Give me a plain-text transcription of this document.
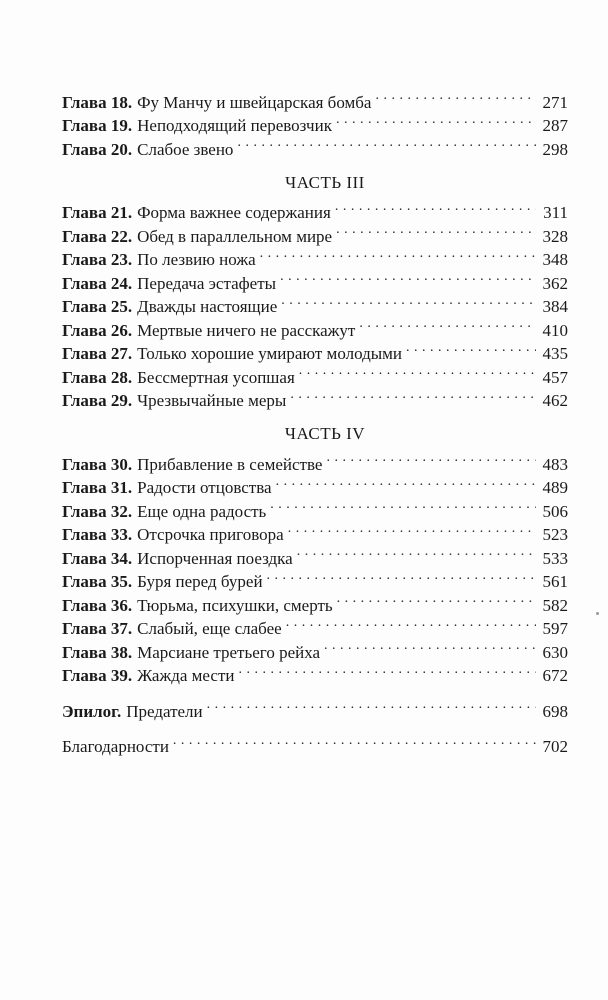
Глава 18. Фу Манчу и швейцарская бомба . . .	271
Глава 19. Неподходящий перевозчик . . .	287
Глава 20. Слабое звено . . .	298
ЧАСТЬ III
Глава 21. Форма важнее содержания . . .	311
Глава 22. Обед в параллельном мире . . .	328
Глава 23. По лезвию ножа . . .	348
Глава 24. Передача эстафеты . . .	362
Глава 25. Дважды настоящие . . .	384
Глава 26. Мертвые ничего не расскажут . . .	410
Глава 27. Только хорошие умирают молодыми . . .	435
Глава 28. Бессмертная усопшая . . .	457
Глава 29. Чрезвычайные меры . . .	462
ЧАСТЬ IV
Глава 30. Прибавление в семействе . . .	483
Глава 31. Радости отцовства . . .	489
Глава 32. Еще одна радость . . .	506
Глава 33. Отсрочка приговора . . .	523
Глава 34. Испорченная поездка . . .	533
Глава 35. Буря перед бурей . . .	561
Глава 36. Тюрьма, психушки, смерть . . .	582
Глава 37. Слабый, еще слабее . . .	597
Глава 38. Марсиане третьего рейха . . .	630
Глава 39. Жажда мести . . .	672
Эпилог. Предатели . . .	698
Благодарности . . .	702
